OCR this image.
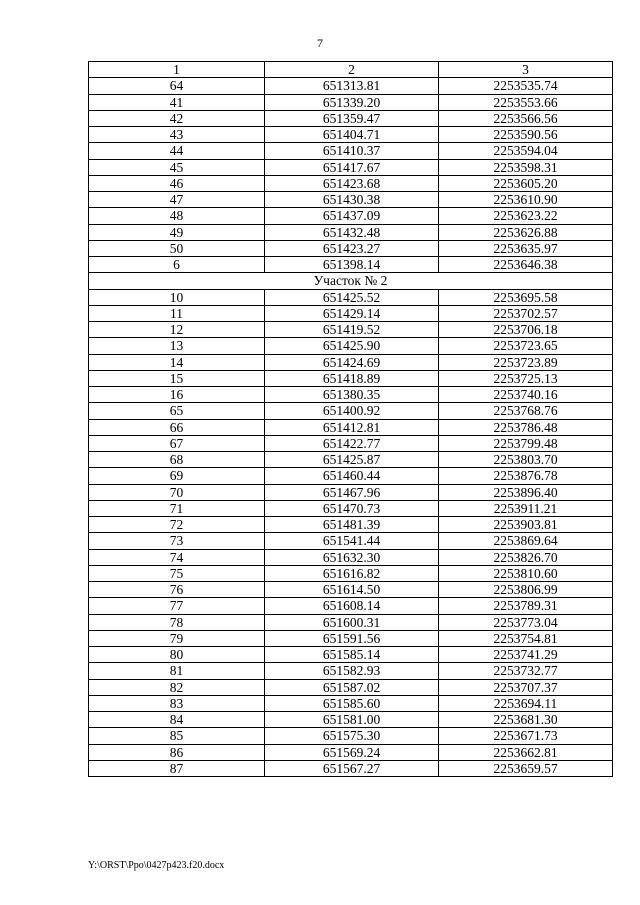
7
1	2	3
64	651313.81	2253535.74
41	651339.20	2253553.66
42	651359.47	2253566.56
43	651404.71	2253590.56
44	651410.37	2253594.04
45	651417.67	2253598.31
46	651423.68	2253605.20
47	651430.38	2253610.90
48	651437.09	2253623.22
49	651432.48	2253626.88
50	651423.27	2253635.97
6	651398.14	2253646.38
Участок № 2		
10	651425.52	2253695.58
11	651429.14	2253702.57
12	651419.52	2253706.18
13	651425.90	2253723.65
14	651424.69	2253723.89
15	651418.89	2253725.13
16	651380.35	2253740.16
65	651400.92	2253768.76
66	651412.81	2253786.48
67	651422.77	2253799.48
68	651425.87	2253803.70
69	651460.44	2253876.78
70	651467.96	2253896.40
71	651470.73	2253911.21
72	651481.39	2253903.81
73	651541.44	2253869.64
74	651632.30	2253826.70
75	651616.82	2253810.60
76	651614.50	2253806.99
77	651608.14	2253789.31
78	651600.31	2253773.04
79	651591.56	2253754.81
80	651585.14	2253741.29
81	651582.93	2253732.77
82	651587.02	2253707.37
83	651585.60	2253694.11
84	651581.00	2253681.30
85	651575.30	2253671.73
86	651569.24	2253662.81
87	651567.27	2253659.57
Y:\ORST\Ppo\0427p423.f20.docx
